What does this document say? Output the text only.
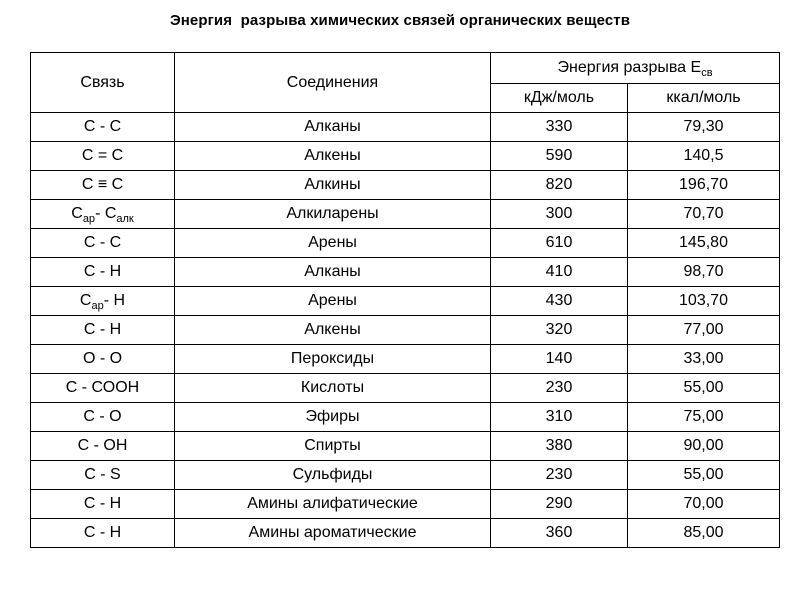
Энергия  разрыва химических связей органических веществ
Связь	Соединения	Энергия разрыва $Е_{св}$
		кДж/моль	ккал/моль
С - С	Алканы	330	79,30
С = С	Алкены	590	140,5
С ≡ С	Алкины	820	196,70
$С_{ар}-$ $С_{алк}$	Алкиларены	300	70,70
С - С	Арены	610	145,80
С - Н	Алканы	410	98,70
$С_{ар}-$ Н	Арены	430	103,70
С - Н	Алкены	320	77,00
О - О	Пероксиды	140	33,00
С - СООН	Кислоты	230	55,00
С - О	Эфиры	310	75,00
С - ОН	Спирты	380	90,00
С - S	Сульфиды	230	55,00
С - Н	Амины алифатические	290	70,00
С - Н	Амины ароматические	360	85,00
